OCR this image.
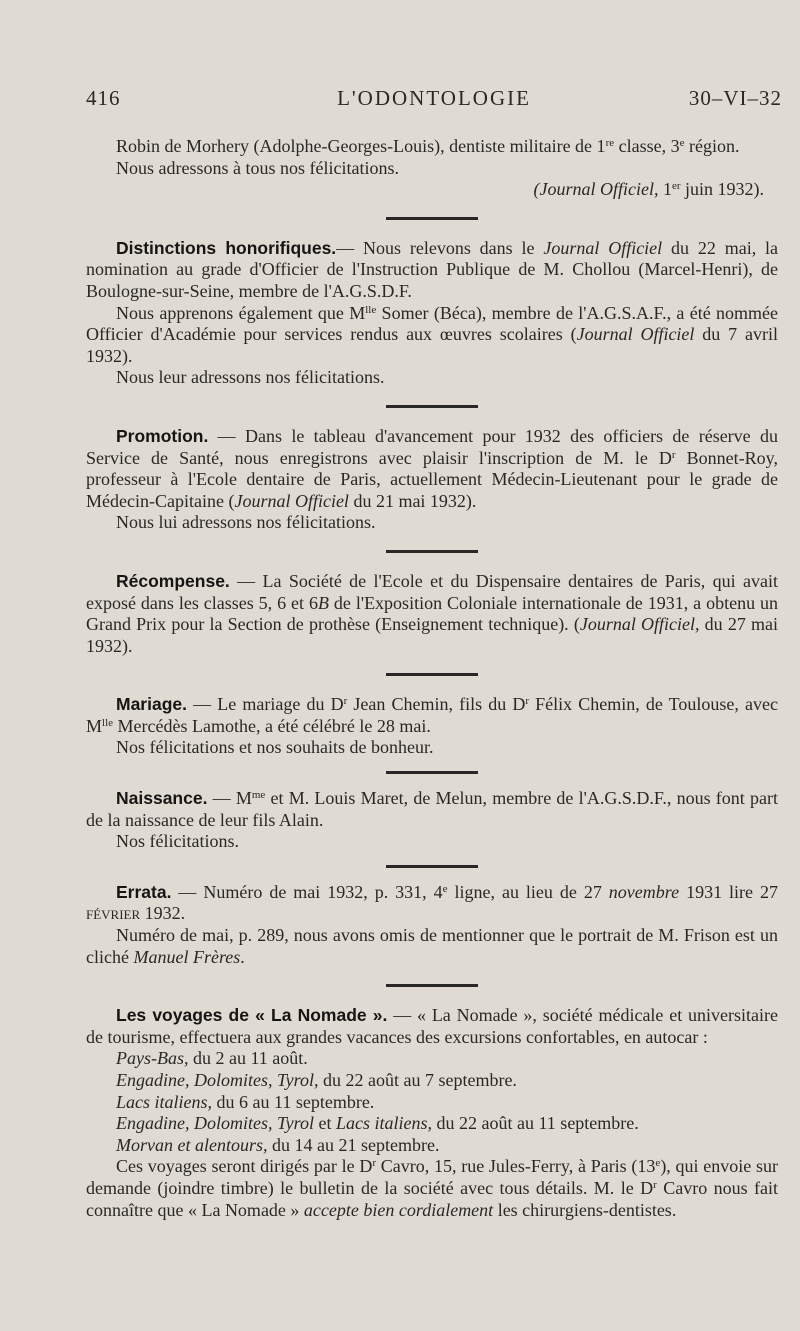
416	L'ODONTOLOGIE	30–VI–32

Robin de Morhery (Adolphe-Georges-Louis), dentiste militaire de 1re classe, 3e région.

Nous adressons à tous nos félicitations.

(Journal Officiel, 1er juin 1932).

Distinctions honorifiques.— Nous relevons dans le Journal Officiel du 22 mai, la nomination au grade d'Officier de l'Instruction Publique de M. Chollou (Marcel-Henri), de Boulogne-sur-Seine, membre de l'A.G.S.D.F.

Nous apprenons également que $M^{lle}$ Somer (Béca), membre de l'A.G.S.A.F., a été nommée Officier d'Académie pour services rendus aux œuvres scolaires (Journal Officiel du 7 avril 1932).

Nous leur adressons nos félicitations.

Promotion. — Dans le tableau d'avancement pour 1932 des officiers de réserve du Service de Santé, nous enregistrons avec plaisir l'inscription de M. le $D^r$ Bonnet-Roy, professeur à l'Ecole dentaire de Paris, actuellement Médecin-Lieutenant pour le grade de Médecin-Capitaine (Journal Officiel du 21 mai 1932).

Nous lui adressons nos félicitations.

Récompense. — La Société de l'Ecole et du Dispensaire dentaires de Paris, qui avait exposé dans les classes 5, 6 et 6B de l'Exposition Coloniale internationale de 1931, a obtenu un Grand Prix pour la Section de prothèse (Enseignement technique). (Journal Officiel, du 27 mai 1932).

Mariage. — Le mariage du $D^r$ Jean Chemin, fils du $D^r$ Félix Chemin, de Toulouse, avec $M^{lle}$ Mercédès Lamothe, a été célébré le 28 mai.

Nos félicitations et nos souhaits de bonheur.

Naissance. — $M^{me}$ et M. Louis Maret, de Melun, membre de l'A.G.S.D.F., nous font part de la naissance de leur fils Alain.

Nos félicitations.

Errata. — Numéro de mai 1932, p. 331, 4e ligne, au lieu de 27 novembre 1931 lire 27 février 1932.

Numéro de mai, p. 289, nous avons omis de mentionner que le portrait de M. Frison est un cliché Manuel Frères.

Les voyages de « La Nomade ». — « La Nomade », société médicale et universitaire de tourisme, effectuera aux grandes vacances des excursions confortables, en autocar :

Pays-Bas, du 2 au 11 août.
Engadine, Dolomites, Tyrol, du 22 août au 7 septembre.
Lacs italiens, du 6 au 11 septembre.
Engadine, Dolomites, Tyrol et Lacs italiens, du 22 août au 11 septembre.
Morvan et alentours, du 14 au 21 septembre.

Ces voyages seront dirigés par le $D^r$ Cavro, 15, rue Jules-Ferry, à Paris (13e), qui envoie sur demande (joindre timbre) le bulletin de la société avec tous détails. M. le $D^r$ Cavro nous fait connaître que « La Nomade » accepte bien cordialement les chirurgiens-dentistes.
